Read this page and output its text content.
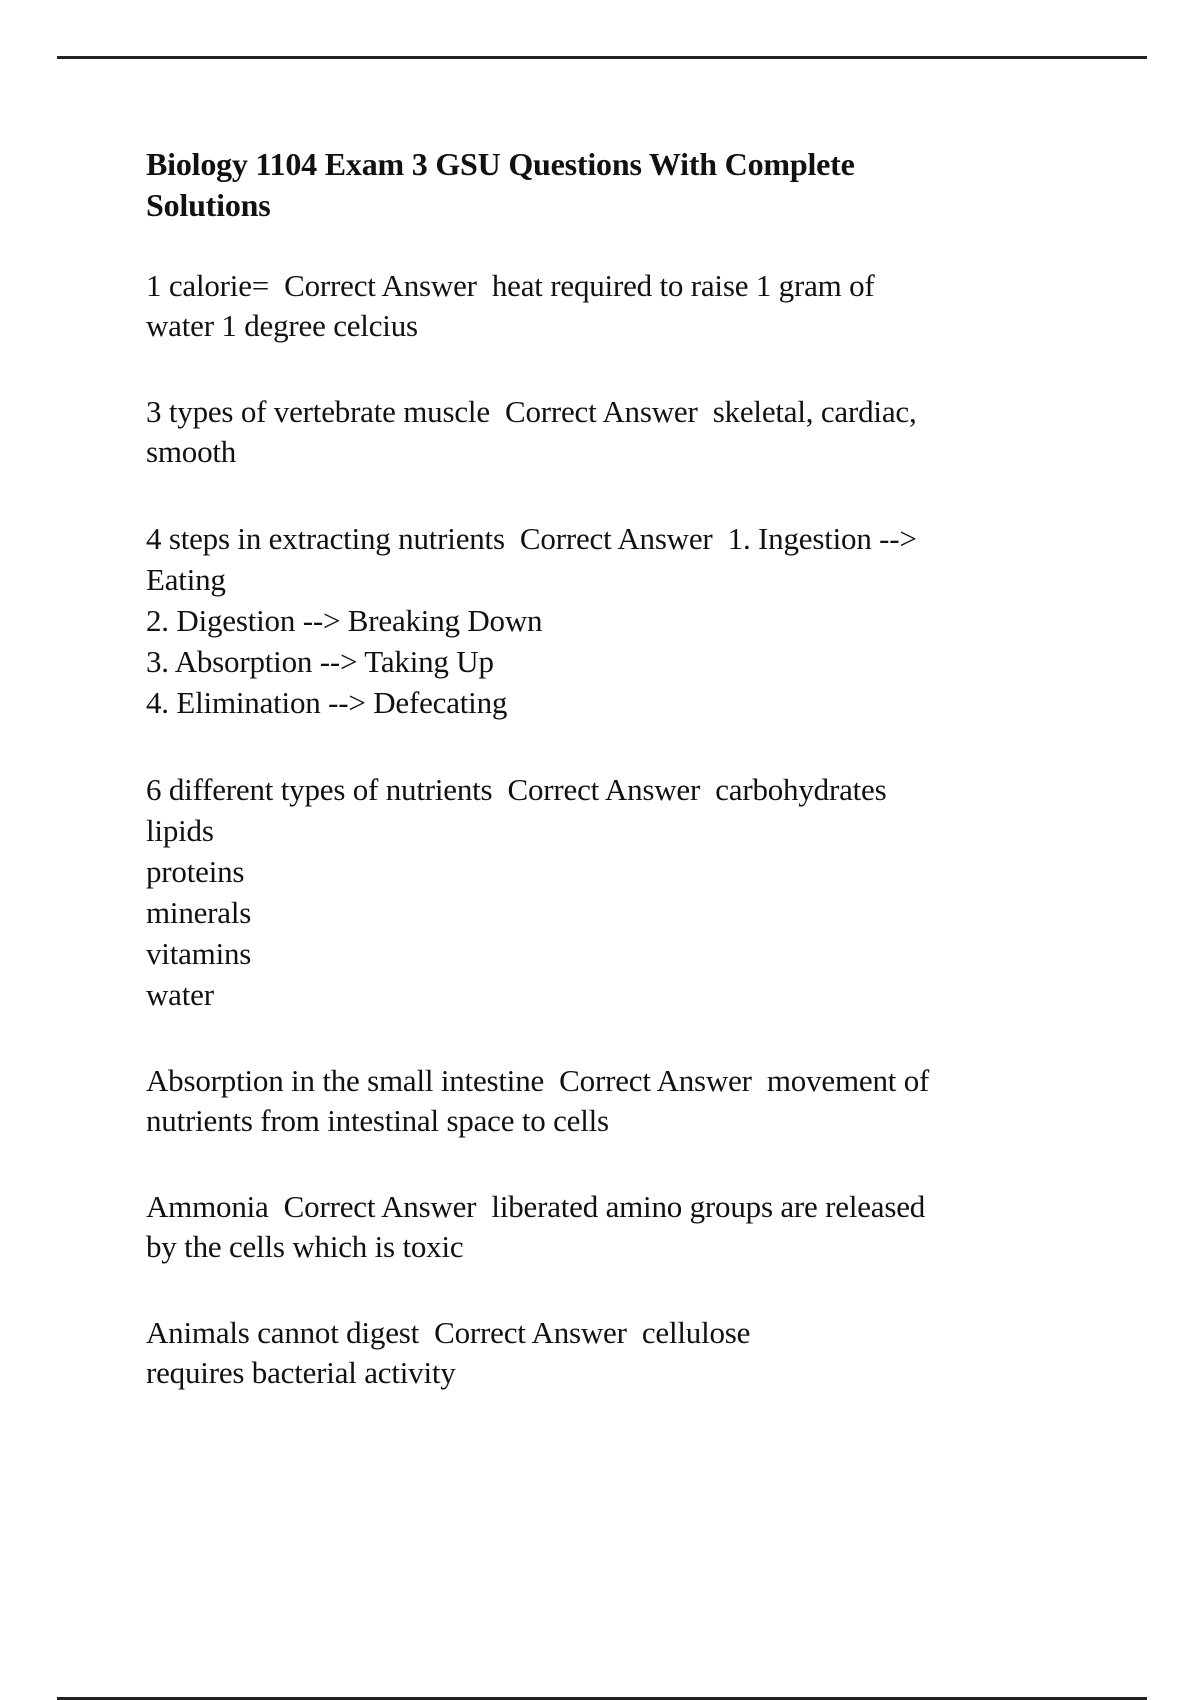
Biology 1104 Exam 3 GSU Questions With Complete
Solutions
1 calorie=  Correct Answer  heat required to raise 1 gram of
water 1 degree celcius
3 types of vertebrate muscle  Correct Answer  skeletal, cardiac,
smooth
4 steps in extracting nutrients  Correct Answer  1. Ingestion -->
Eating
2. Digestion --> Breaking Down
3. Absorption --> Taking Up
4. Elimination --> Defecating
6 different types of nutrients  Correct Answer  carbohydrates
lipids
proteins
minerals
vitamins
water
Absorption in the small intestine  Correct Answer  movement of
nutrients from intestinal space to cells
Ammonia  Correct Answer  liberated amino groups are released
by the cells which is toxic
Animals cannot digest  Correct Answer  cellulose
requires bacterial activity
